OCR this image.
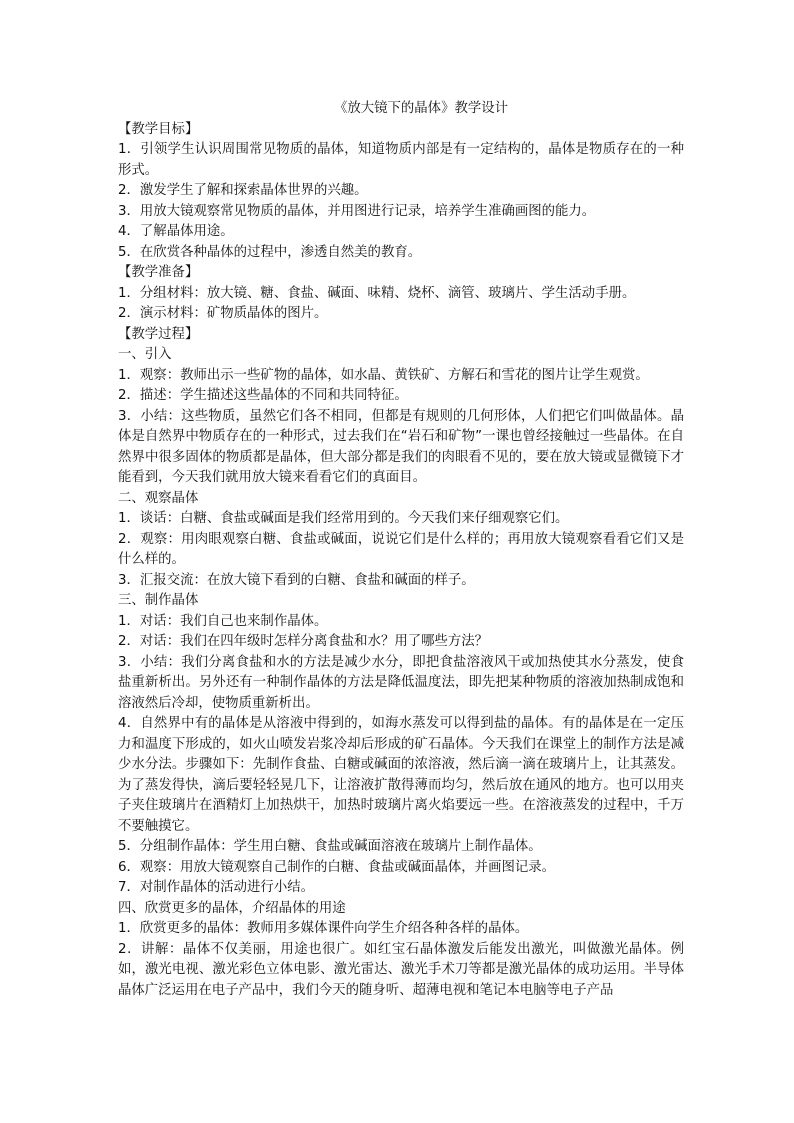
《放大镜下的晶体》教学设计
【教学目标】
1．引领学生认识周围常见物质的晶体，知道物质内部是有一定结构的，晶体是物质存在的一种形式。
2．激发学生了解和探索晶体世界的兴趣。
3．用放大镜观察常见物质的晶体，并用图进行记录，培养学生准确画图的能力。
4．了解晶体用途。
5．在欣赏各种晶体的过程中，渗透自然美的教育。
【教学准备】
1．分组材料：放大镜、糖、食盐、碱面、味精、烧杯、滴管、玻璃片、学生活动手册。
2．演示材料：矿物质晶体的图片。
【教学过程】
一、引入
1．观察：教师出示一些矿物的晶体，如水晶、黄铁矿、方解石和雪花的图片让学生观赏。
2．描述：学生描述这些晶体的不同和共同特征。
3．小结：这些物质，虽然它们各不相同，但都是有规则的几何形体，人们把它们叫做晶体。晶体是自然界中物质存在的一种形式，过去我们在“岩石和矿物”一课也曾经接触过一些晶体。在自然界中很多固体的物质都是晶体，但大部分都是我们的肉眼看不见的，要在放大镜或显微镜下才能看到，今天我们就用放大镜来看看它们的真面目。
二、观察晶体
1．谈话：白糖、食盐或碱面是我们经常用到的。今天我们来仔细观察它们。
2．观察：用肉眼观察白糖、食盐或碱面，说说它们是什么样的；再用放大镜观察看看它们又是什么样的。
3．汇报交流：在放大镜下看到的白糖、食盐和碱面的样子。
三、制作晶体
1．对话：我们自己也来制作晶体。
2．对话：我们在四年级时怎样分离食盐和水？用了哪些方法？
3．小结：我们分离食盐和水的方法是减少水分，即把食盐溶液风干或加热使其水分蒸发，使食盐重新析出。另外还有一种制作晶体的方法是降低温度法，即先把某种物质的溶液加热制成饱和溶液然后冷却，使物质重新析出。
4．自然界中有的晶体是从溶液中得到的，如海水蒸发可以得到盐的晶体。有的晶体是在一定压力和温度下形成的，如火山喷发岩浆冷却后形成的矿石晶体。今天我们在课堂上的制作方法是减少水分法。步骤如下：先制作食盐、白糖或碱面的浓溶液，然后滴一滴在玻璃片上，让其蒸发。为了蒸发得快，滴后要轻轻晃几下，让溶液扩散得薄而均匀，然后放在通风的地方。也可以用夹子夹住玻璃片在酒精灯上加热烘干，加热时玻璃片离火焰要远一些。在溶液蒸发的过程中，千万不要触摸它。
5．分组制作晶体：学生用白糖、食盐或碱面溶液在玻璃片上制作晶体。
6．观察：用放大镜观察自己制作的白糖、食盐或碱面晶体，并画图记录。
7．对制作晶体的活动进行小结。
四、欣赏更多的晶体，介绍晶体的用途
1．欣赏更多的晶体：教师用多媒体课件向学生介绍各种各样的晶体。
2．讲解：晶体不仅美丽，用途也很广。如红宝石晶体激发后能发出激光，叫做激光晶体。例如，激光电视、激光彩色立体电影、激光雷达、激光手术刀等都是激光晶体的成功运用。半导体晶体广泛运用在电子产品中，我们今天的随身听、超薄电视和笔记本电脑等电子产品
